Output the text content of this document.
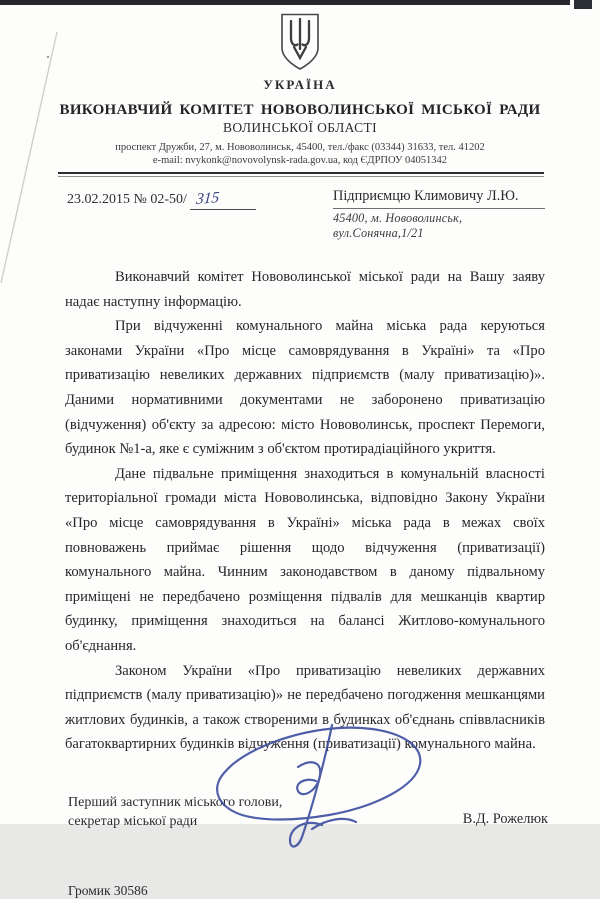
УКРАЇНА
ВИКОНАВЧИЙ КОМІТЕТ НОВОВОЛИНСЬКОЇ МІСЬКОЇ РАДИ
ВОЛИНСЬКОЇ ОБЛАСТІ
проспект Дружби, 27, м. Нововолинськ, 45400, тел./факс (03344) 31633, тел. 41202
e-mail: nvykonk@novovolynsk-rada.gov.ua, код ЄДРПОУ 04051342
23.02.2015 № 02-50/ 315	Підприємцю Климовичу Л.Ю.
45400, м. Нововолинськ, вул.Сонячна,1/21

Виконавчий комітет Нововолинської міської ради на Вашу заяву надає наступну інформацію.

При відчуженні комунального майна міська рада керуються законами України «Про місце самоврядування в Україні» та «Про приватизацію невеликих державних підприємств (малу приватизацію)». Даними нормативними документами не заборонено приватизацію (відчуження) об'єкту за адресою: місто Нововолинськ, проспект Перемоги, будинок №1-а, яке є суміжним з об'єктом протирадіаційного укриття.

Дане підвальне приміщення знаходиться в комунальній власності територіальної громади міста Нововолинська, відповідно Закону України «Про місце самоврядування в Україні» міська рада в межах своїх повноважень приймає рішення щодо відчуження (приватизації) комунального майна. Чинним законодавством в даному підвальному приміщені не передбачено розміщення підвалів для мешканців квартир будинку, приміщення знаходиться на балансі Житлово-комунального об'єднання.

Законом України «Про приватизацію невеликих державних підприємств (малу приватизацію)» не передбачено погодження мешканцями житлових будинків, а також створеними в будинках об'єднань співвласників багатоквартирних будинків відчуження (приватизації) комунального майна.

Перший заступник міського голови,
секретар міської ради	В.Д. Рожелюк
Громик 30586
